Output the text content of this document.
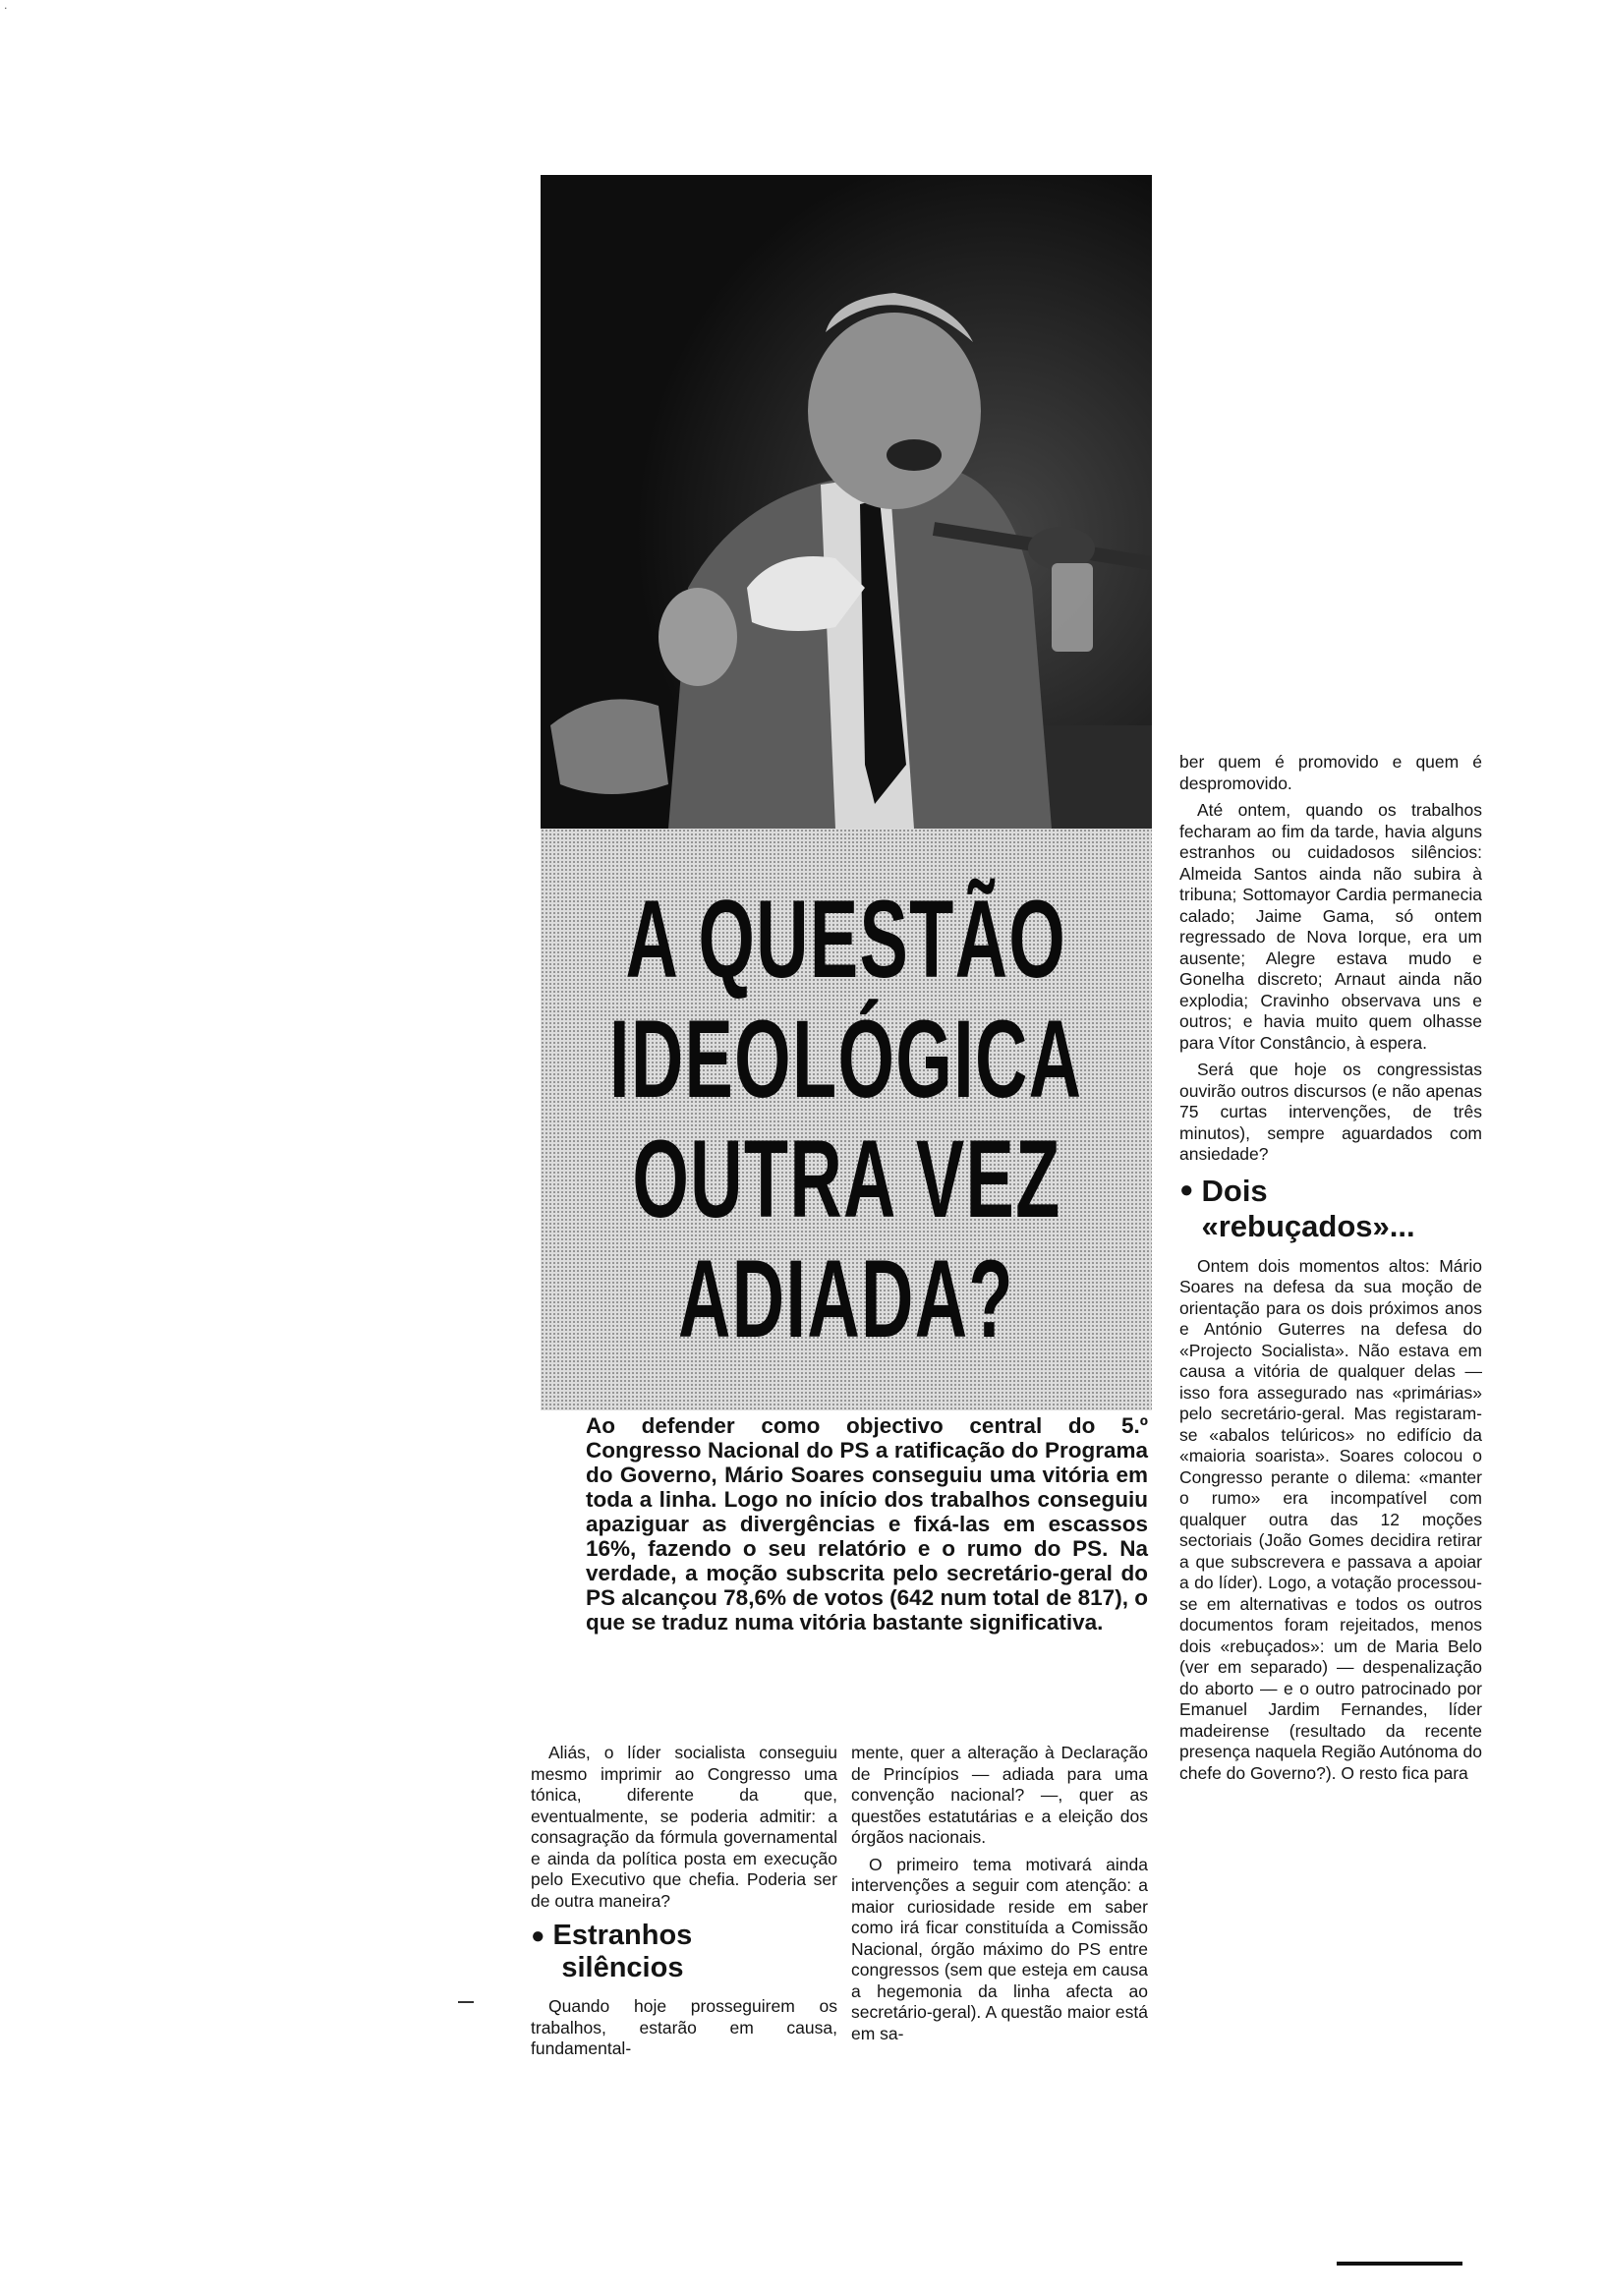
·
A QUESTÃO
IDEOLÓGICA
OUTRA VEZ
ADIADA?

Ao defender como objectivo central do 5.º Congresso Nacional do PS a ratificação do Programa do Governo, Mário Soares conseguiu uma vitória em toda a linha. Logo no início dos trabalhos conseguiu apaziguar as divergências e fixá-las em escassos 16%, fazendo o seu relatório e o rumo do PS. Na verdade, a moção subscrita pelo secretário-geral do PS alcançou 78,6% de votos (642 num total de 817), o que se traduz numa vitória bastante significativa.

Aliás, o líder socialista conseguiu mesmo imprimir ao Congresso uma tónica, diferente da que, eventualmente, se poderia admitir: a consagração da fórmula governamental e ainda da política posta em execução pelo Executivo que chefia. Poderia ser de outra maneira?

● Estranhos
silêncios

Quando hoje prosseguirem os trabalhos, estarão em causa, fundamental-

mente, quer a alteração à Declaração de Princípios — adiada para uma convenção nacional? —, quer as questões estatutárias e a eleição dos órgãos nacionais.

O primeiro tema motivará ainda intervenções a seguir com atenção: a maior curiosidade reside em saber como irá ficar constituída a Comissão Nacional, órgão máximo do PS entre congressos (sem que esteja em causa a hegemonia da linha afecta ao secretário-geral). A questão maior está em sa-

ber quem é promovido e quem é despromovido.

Até ontem, quando os trabalhos fecharam ao fim da tarde, havia alguns estranhos ou cuidadosos silêncios: Almeida Santos ainda não subira à tribuna; Sottomayor Cardia permanecia calado; Jaime Gama, só ontem regressado de Nova Iorque, era um ausente; Alegre estava mudo e Gonelha discreto; Arnaut ainda não explodia; Cravinho observava uns e outros; e havia muito quem olhasse para Vítor Constâncio, à espera.

Será que hoje os congressistas ouvirão outros discursos (e não apenas 75 curtas intervenções, de três minutos), sempre aguardados com ansiedade?

● Dois
«rebuçados»...

Ontem dois momentos altos: Mário Soares na defesa da sua moção de orientação para os dois próximos anos e António Guterres na defesa do «Projecto Socialista». Não estava em causa a vitória de qualquer delas — isso fora assegurado nas «primárias» pelo secretário-geral. Mas registaram-se «abalos telúricos» no edifício da «maioria soarista». Soares colocou o Congresso perante o dilema: «manter o rumo» era incompatível com qualquer outra das 12 moções sectoriais (João Gomes decidira retirar a que subscrevera e passava a apoiar a do líder). Logo, a votação processou-se em alternativas e todos os outros documentos foram rejeitados, menos dois «rebuçados»: um de Maria Belo (ver em separado) — despenalização do aborto — e o outro patrocinado por Emanuel Jardim Fernandes, líder madeirense (resultado da recente presença naquela Região Autónoma do chefe do Governo?). O resto fica para
